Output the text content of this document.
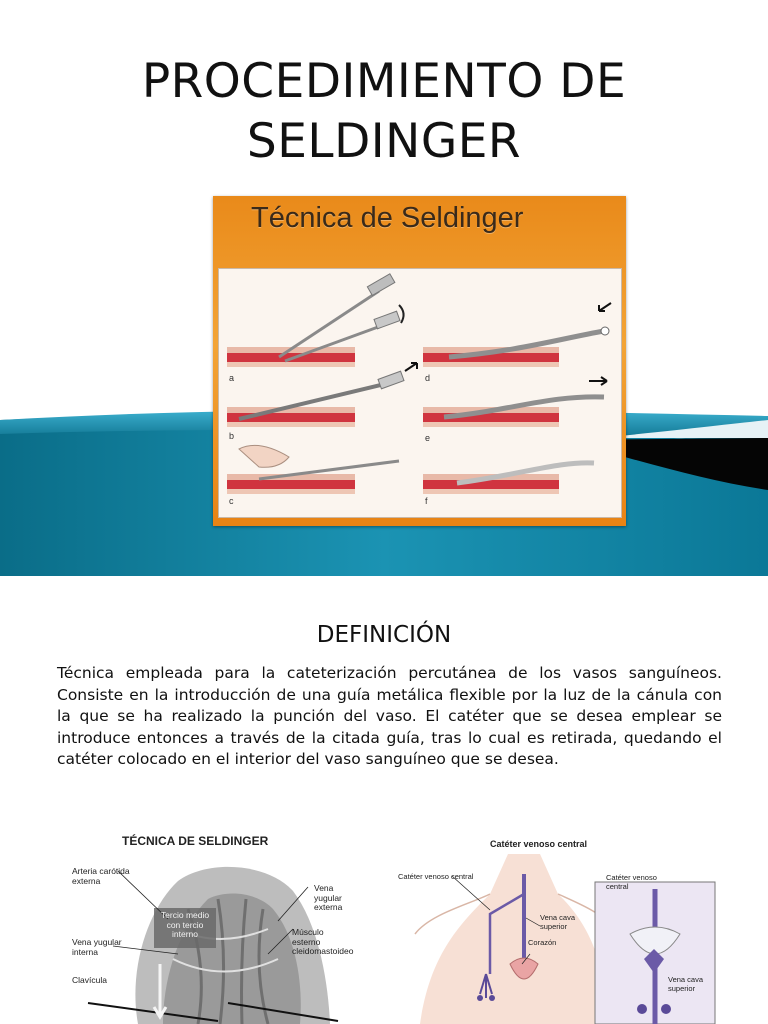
PROCEDIMIENTO DE
SELDINGER
Técnica de Seldinger
a
b
c
d
e
f
DEFINICIÓN

Técnica empleada para la cateterización percutánea de los vasos sanguíneos. Consiste en la introducción de una guía metálica flexible por la luz de la cánula con la que se ha realizado la punción del vaso. El catéter que se desea emplear se introduce entonces a través de la citada guía, tras lo cual es retirada, quedando el catéter colocado en el interior del vaso sanguíneo que se desea.

TÉCNICA DE SELDINGER
Arteria carótida
externa
Vena
yugular
externa
Tercio medio
con tercio
interno
Vena yugular
interna
Músculo
esterno
cleidomastoideo
Clavícula
Catéter venoso central
Catéter venoso central
Vena cava
superior
Corazón
Catéter venoso
central
Vena cava
superior
